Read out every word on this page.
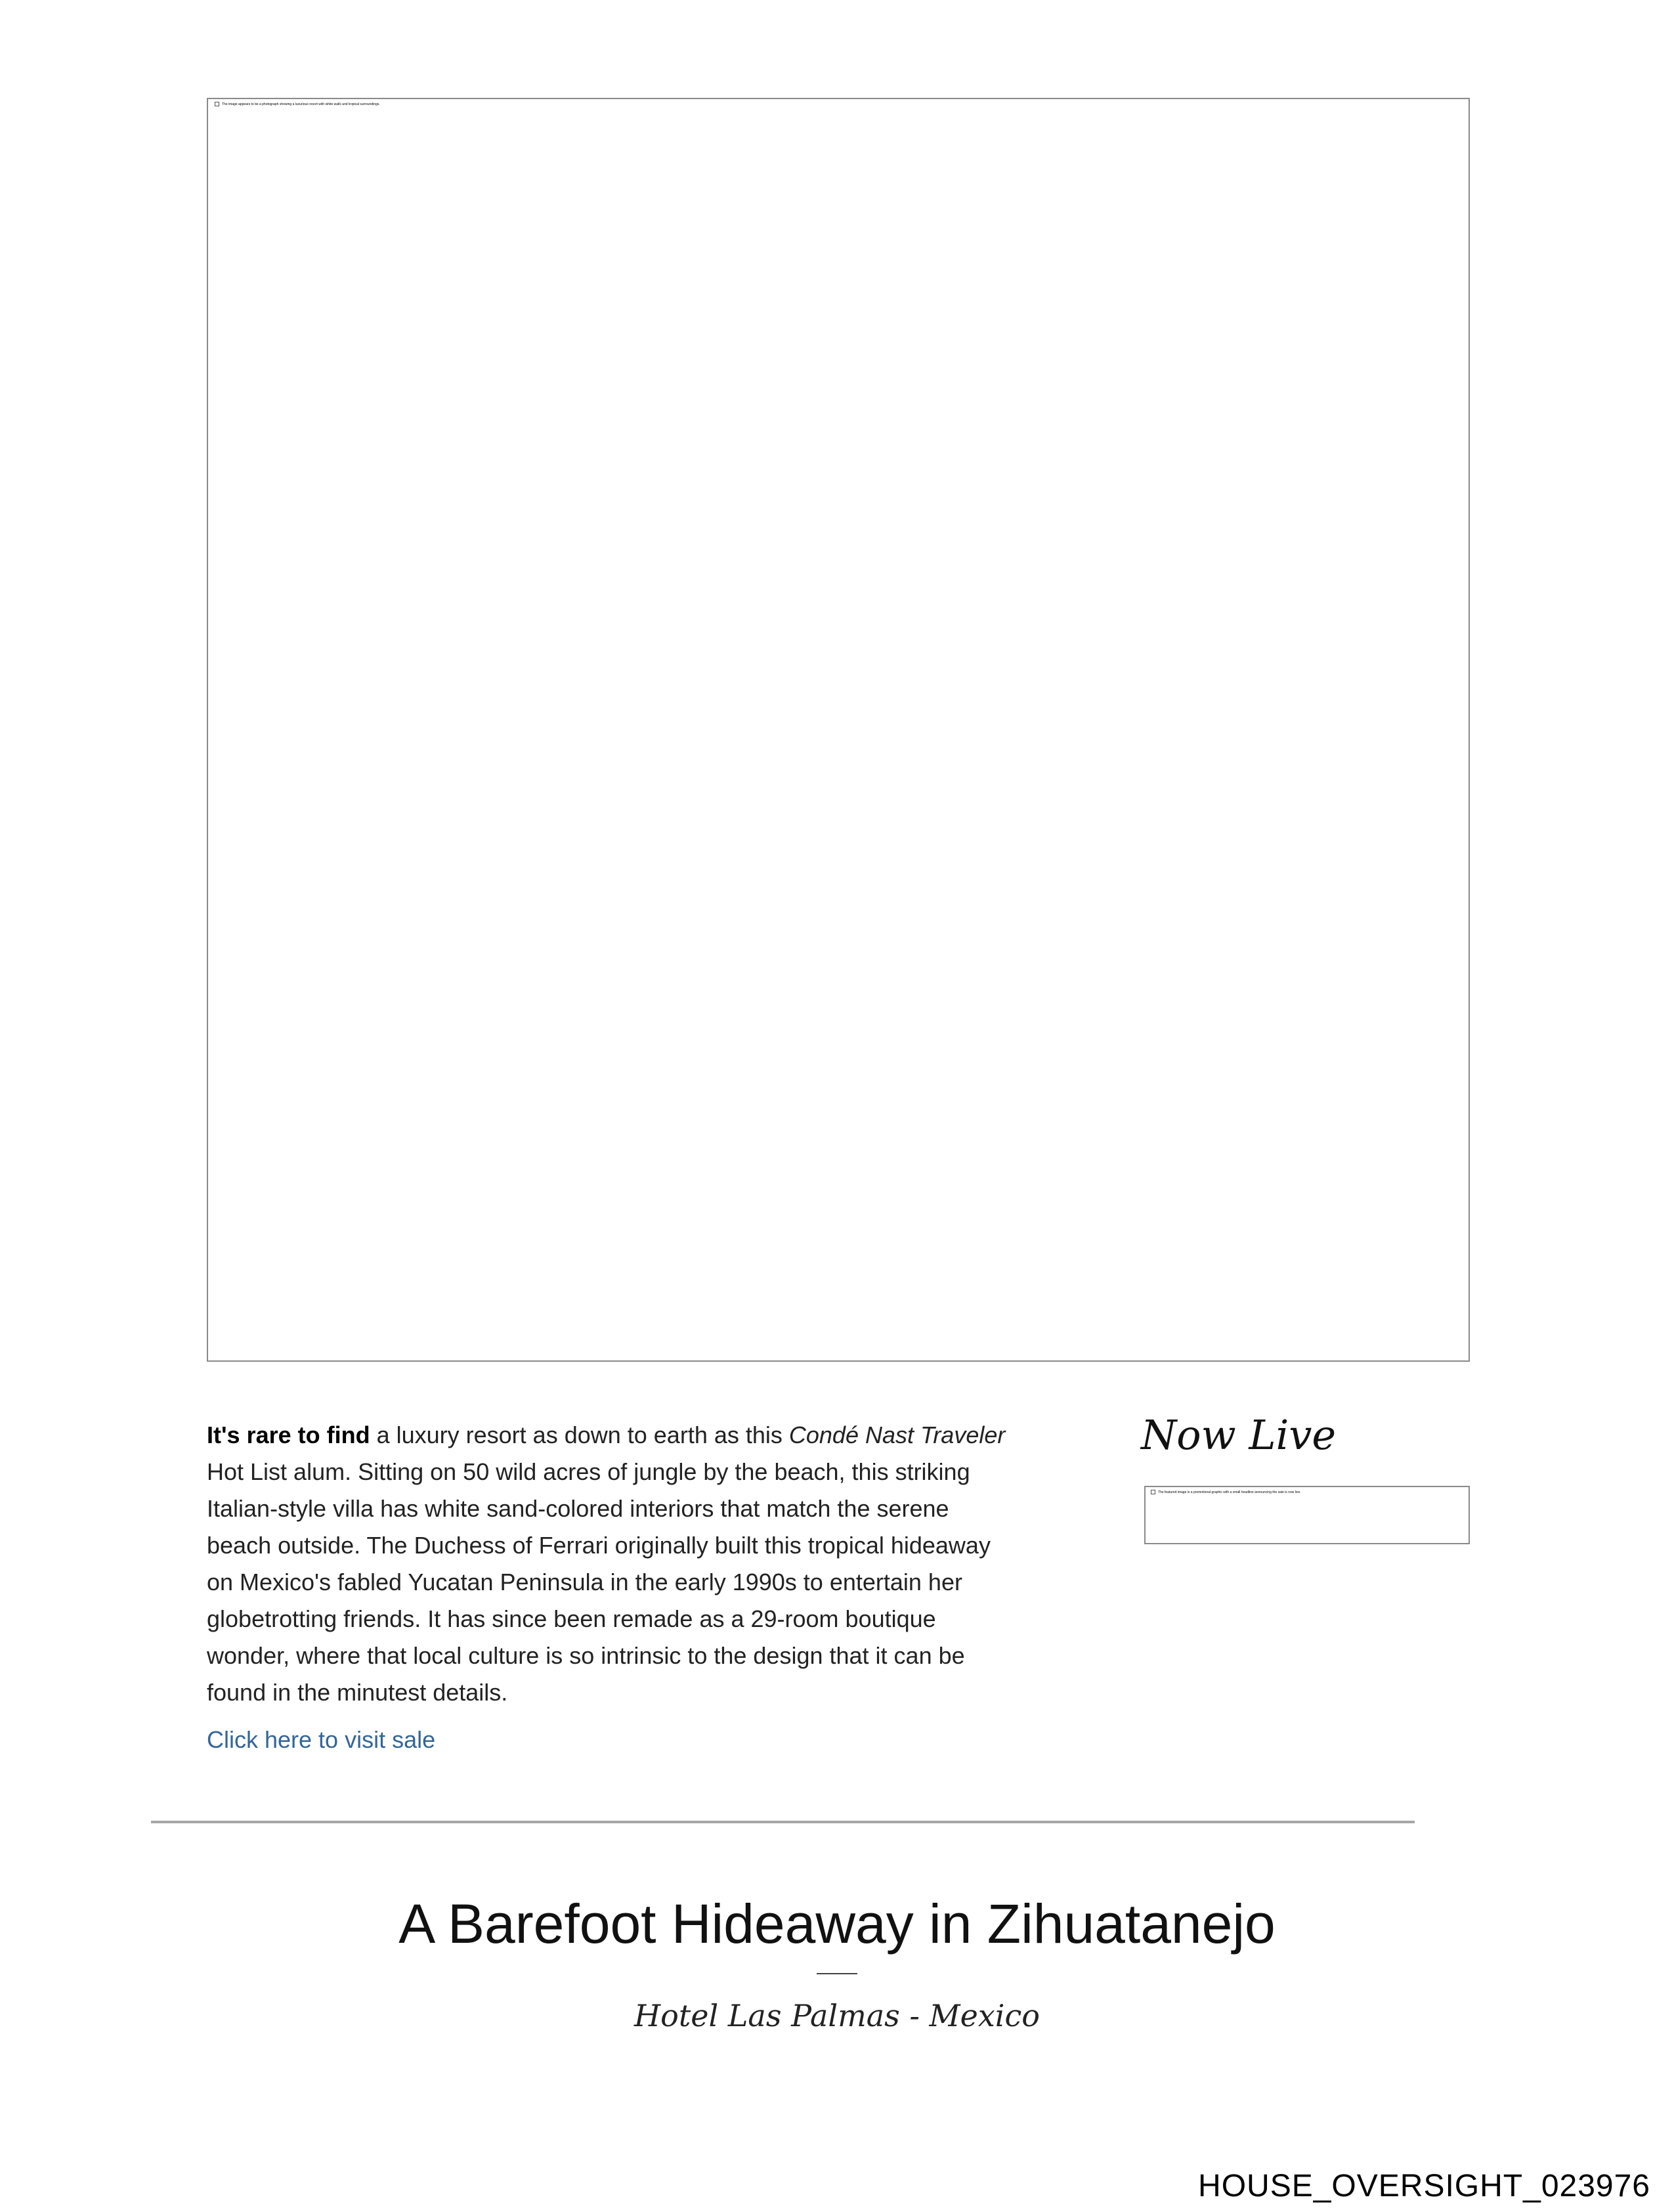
The image appears to be a photograph showing a luxurious resort with white walls and tropical surroundings.
It's rare to find a luxury resort as down to earth as this Condé Nast Traveler Hot List alum. Sitting on 50 wild acres of jungle by the beach, this striking Italian-style villa has white sand-colored interiors that match the serene beach outside. The Duchess of Ferrari originally built this tropical hideaway on Mexico's fabled Yucatan Peninsula in the early 1990s to entertain her globetrotting friends. It has since been remade as a 29-room boutique wonder, where that local culture is so intrinsic to the design that it can be found in the minutest details.
Click here to visit sale
Now Live
The featured image is a promotional graphic with a small headline announcing the sale is now live.
A Barefoot Hideaway in Zihuatanejo
Hotel Las Palmas - Mexico
HOUSE_OVERSIGHT_023976
